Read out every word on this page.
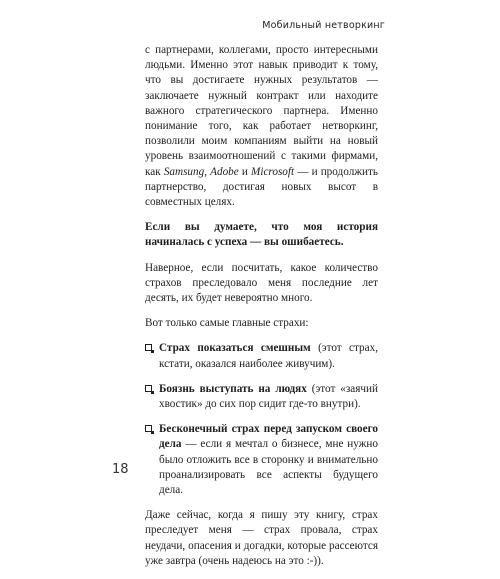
Мобильный нетворкинг

с партнерами, коллегами, просто интересными людьми. Именно этот навык приводит к тому, что вы достигаете нужных результатов — заключаете нужный контракт или находите важного стратегического партнера. Именно понимание того, как работает нетворкинг, позволили моим компаниям выйти на новый уровень взаимоотношений с такими фирмами, как Samsung, Adobe и Microsoft — и продолжить партнерство, достигая новых высот в совместных целях.

Если вы думаете, что моя история начиналась с успеха — вы ошибаетесь.

Наверное, если посчитать, какое количество страхов преследовало меня последние лет десять, их будет невероятно много.

Вот только самые главные страхи:

Страх показаться смешным (этот страх, кстати, оказался наиболее живучим).
Боязнь выступать на людях (этот «заячий хвостик» до сих пор сидит где-то внутри).
Бесконечный страх перед запуском своего дела — если я мечтал о бизнесе, мне нужно было отложить все в сторонку и внимательно проанализировать все аспекты будущего дела.

Даже сейчас, когда я пишу эту книгу, страх преследует меня — страх провала, страх неудачи, опасения и догадки, которые рассеются уже завтра (очень надеюсь на это :-)).

18
